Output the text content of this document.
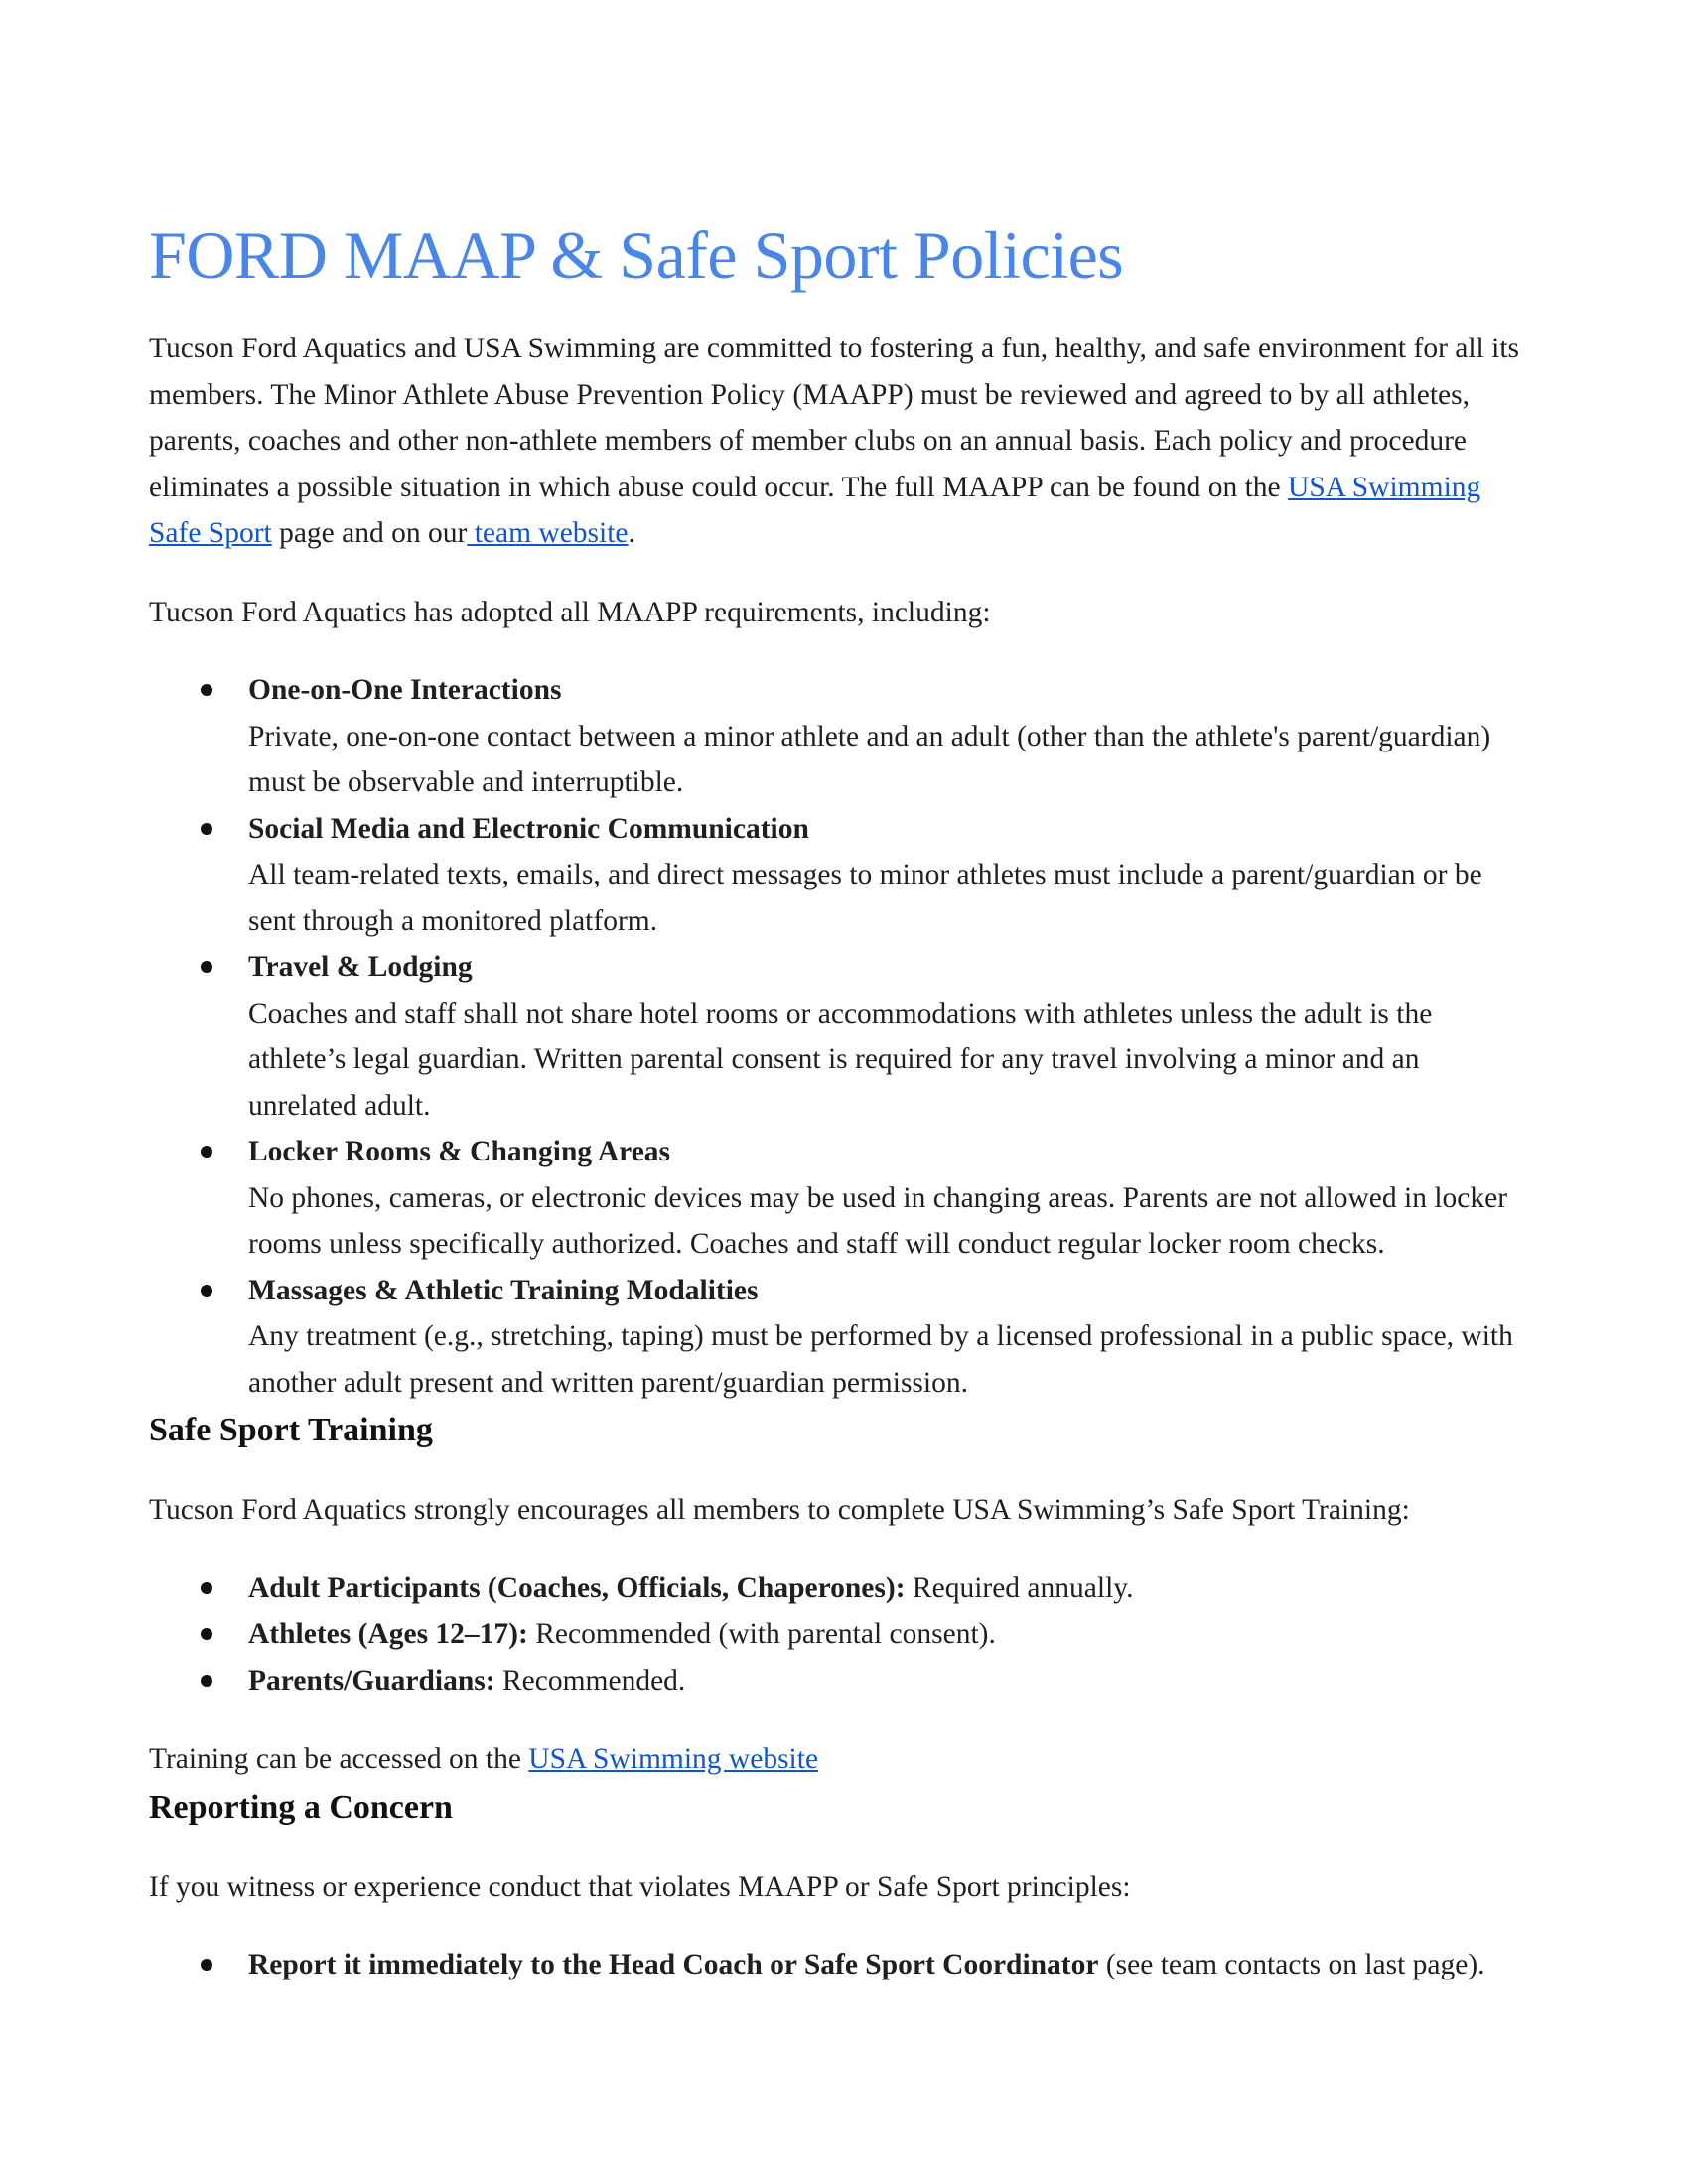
FORD MAAP & Safe Sport Policies

Tucson Ford Aquatics and USA Swimming are committed to fostering a fun, healthy, and safe environment for all its members. The Minor Athlete Abuse Prevention Policy (MAAPP) must be reviewed and agreed to by all athletes, parents, coaches and other non-athlete members of member clubs on an annual basis. Each policy and procedure eliminates a possible situation in which abuse could occur. The full MAAPP can be found on the USA Swimming Safe Sport page and on our team website.

Tucson Ford Aquatics has adopted all MAAPP requirements, including:

One-on-One Interactions
Private, one-on-one contact between a minor athlete and an adult (other than the athlete's parent/guardian) must be observable and interruptible.
Social Media and Electronic Communication
All team-related texts, emails, and direct messages to minor athletes must include a parent/guardian or be sent through a monitored platform.
Travel & Lodging
Coaches and staff shall not share hotel rooms or accommodations with athletes unless the adult is the athlete’s legal guardian. Written parental consent is required for any travel involving a minor and an unrelated adult.
Locker Rooms & Changing Areas
No phones, cameras, or electronic devices may be used in changing areas. Parents are not allowed in locker rooms unless specifically authorized. Coaches and staff will conduct regular locker room checks.
Massages & Athletic Training Modalities
Any treatment (e.g., stretching, taping) must be performed by a licensed professional in a public space, with another adult present and written parent/guardian permission.
Safe Sport Training

Tucson Ford Aquatics strongly encourages all members to complete USA Swimming’s Safe Sport Training:

Adult Participants (Coaches, Officials, Chaperones): Required annually.
Athletes (Ages 12–17): Recommended (with parental consent).
Parents/Guardians: Recommended.

Training can be accessed on the USA Swimming website

Reporting a Concern

If you witness or experience conduct that violates MAAPP or Safe Sport principles:

Report it immediately to the Head Coach or Safe Sport Coordinator (see team contacts on last page).
